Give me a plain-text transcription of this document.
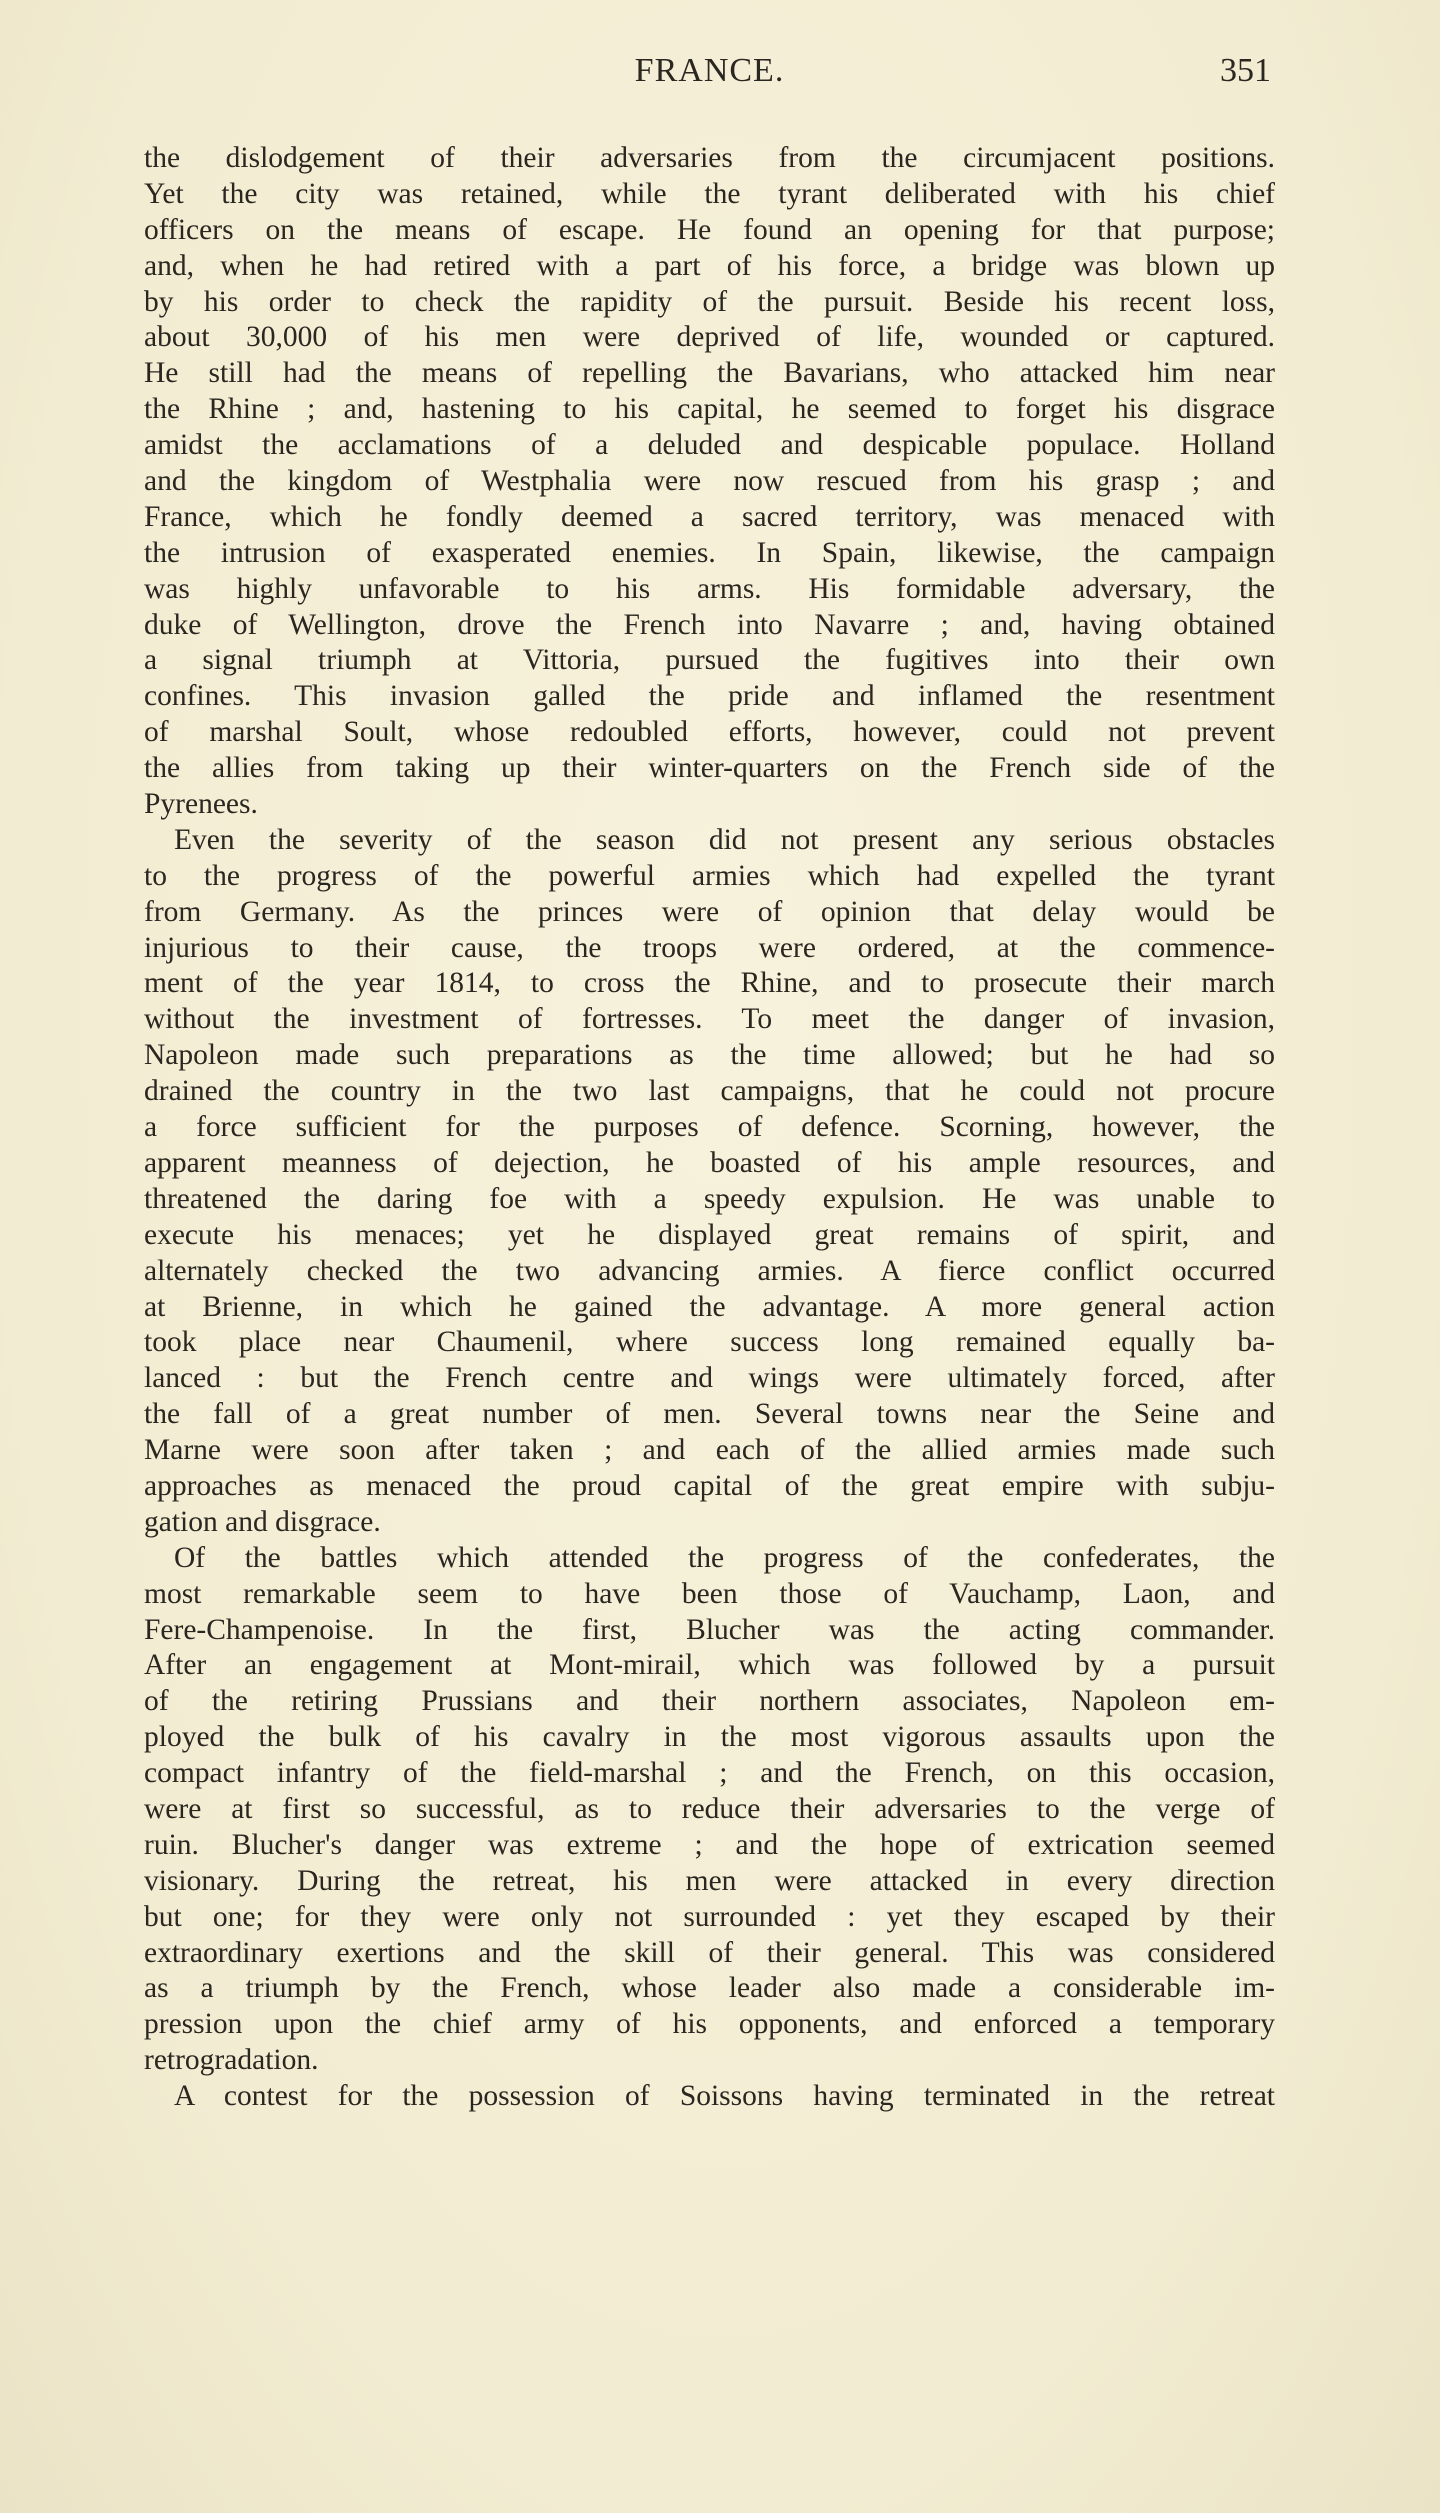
FRANCE.	351
the dislodgement of their adversaries from the circumjacent positions.
Yet the city was retained, while the tyrant deliberated with his chief
officers on the means of escape. He found an opening for that purpose;
and, when he had retired with a part of his force, a bridge was blown up
by his order to check the rapidity of the pursuit. Beside his recent loss,
about 30,000 of his men were deprived of life, wounded or captured.
He still had the means of repelling the Bavarians, who attacked him near
the Rhine ; and, hastening to his capital, he seemed to forget his disgrace
amidst the acclamations of a deluded and despicable populace. Holland
and the kingdom of Westphalia were now rescued from his grasp ; and
France, which he fondly deemed a sacred territory, was menaced with
the intrusion of exasperated enemies. In Spain, likewise, the campaign
was highly unfavorable to his arms. His formidable adversary, the
duke of Wellington, drove the French into Navarre ; and, having obtained
a signal triumph at Vittoria, pursued the fugitives into their own
confines. This invasion galled the pride and inflamed the resentment
of marshal Soult, whose redoubled efforts, however, could not prevent
the allies from taking up their winter-quarters on the French side of the
Pyrenees.
Even the severity of the season did not present any serious obstacles
to the progress of the powerful armies which had expelled the tyrant
from Germany. As the princes were of opinion that delay would be
injurious to their cause, the troops were ordered, at the commence-
ment of the year 1814, to cross the Rhine, and to prosecute their march
without the investment of fortresses. To meet the danger of invasion,
Napoleon made such preparations as the time allowed; but he had so
drained the country in the two last campaigns, that he could not procure
a force sufficient for the purposes of defence. Scorning, however, the
apparent meanness of dejection, he boasted of his ample resources, and
threatened the daring foe with a speedy expulsion. He was unable to
execute his menaces; yet he displayed great remains of spirit, and
alternately checked the two advancing armies. A fierce conflict occurred
at Brienne, in which he gained the advantage. A more general action
took place near Chaumenil, where success long remained equally ba-
lanced : but the French centre and wings were ultimately forced, after
the fall of a great number of men. Several towns near the Seine and
Marne were soon after taken ; and each of the allied armies made such
approaches as menaced the proud capital of the great empire with subju-
gation and disgrace.
Of the battles which attended the progress of the confederates, the
most remarkable seem to have been those of Vauchamp, Laon, and
Fere-Champenoise. In the first, Blucher was the acting commander.
After an engagement at Mont-mirail, which was followed by a pursuit
of the retiring Prussians and their northern associates, Napoleon em-
ployed the bulk of his cavalry in the most vigorous assaults upon the
compact infantry of the field-marshal ; and the French, on this occasion,
were at first so successful, as to reduce their adversaries to the verge of
ruin. Blucher's danger was extreme ; and the hope of extrication seemed
visionary. During the retreat, his men were attacked in every direction
but one; for they were only not surrounded : yet they escaped by their
extraordinary exertions and the skill of their general. This was considered
as a triumph by the French, whose leader also made a considerable im-
pression upon the chief army of his opponents, and enforced a temporary
retrogradation.
A contest for the possession of Soissons having terminated in the retreat
